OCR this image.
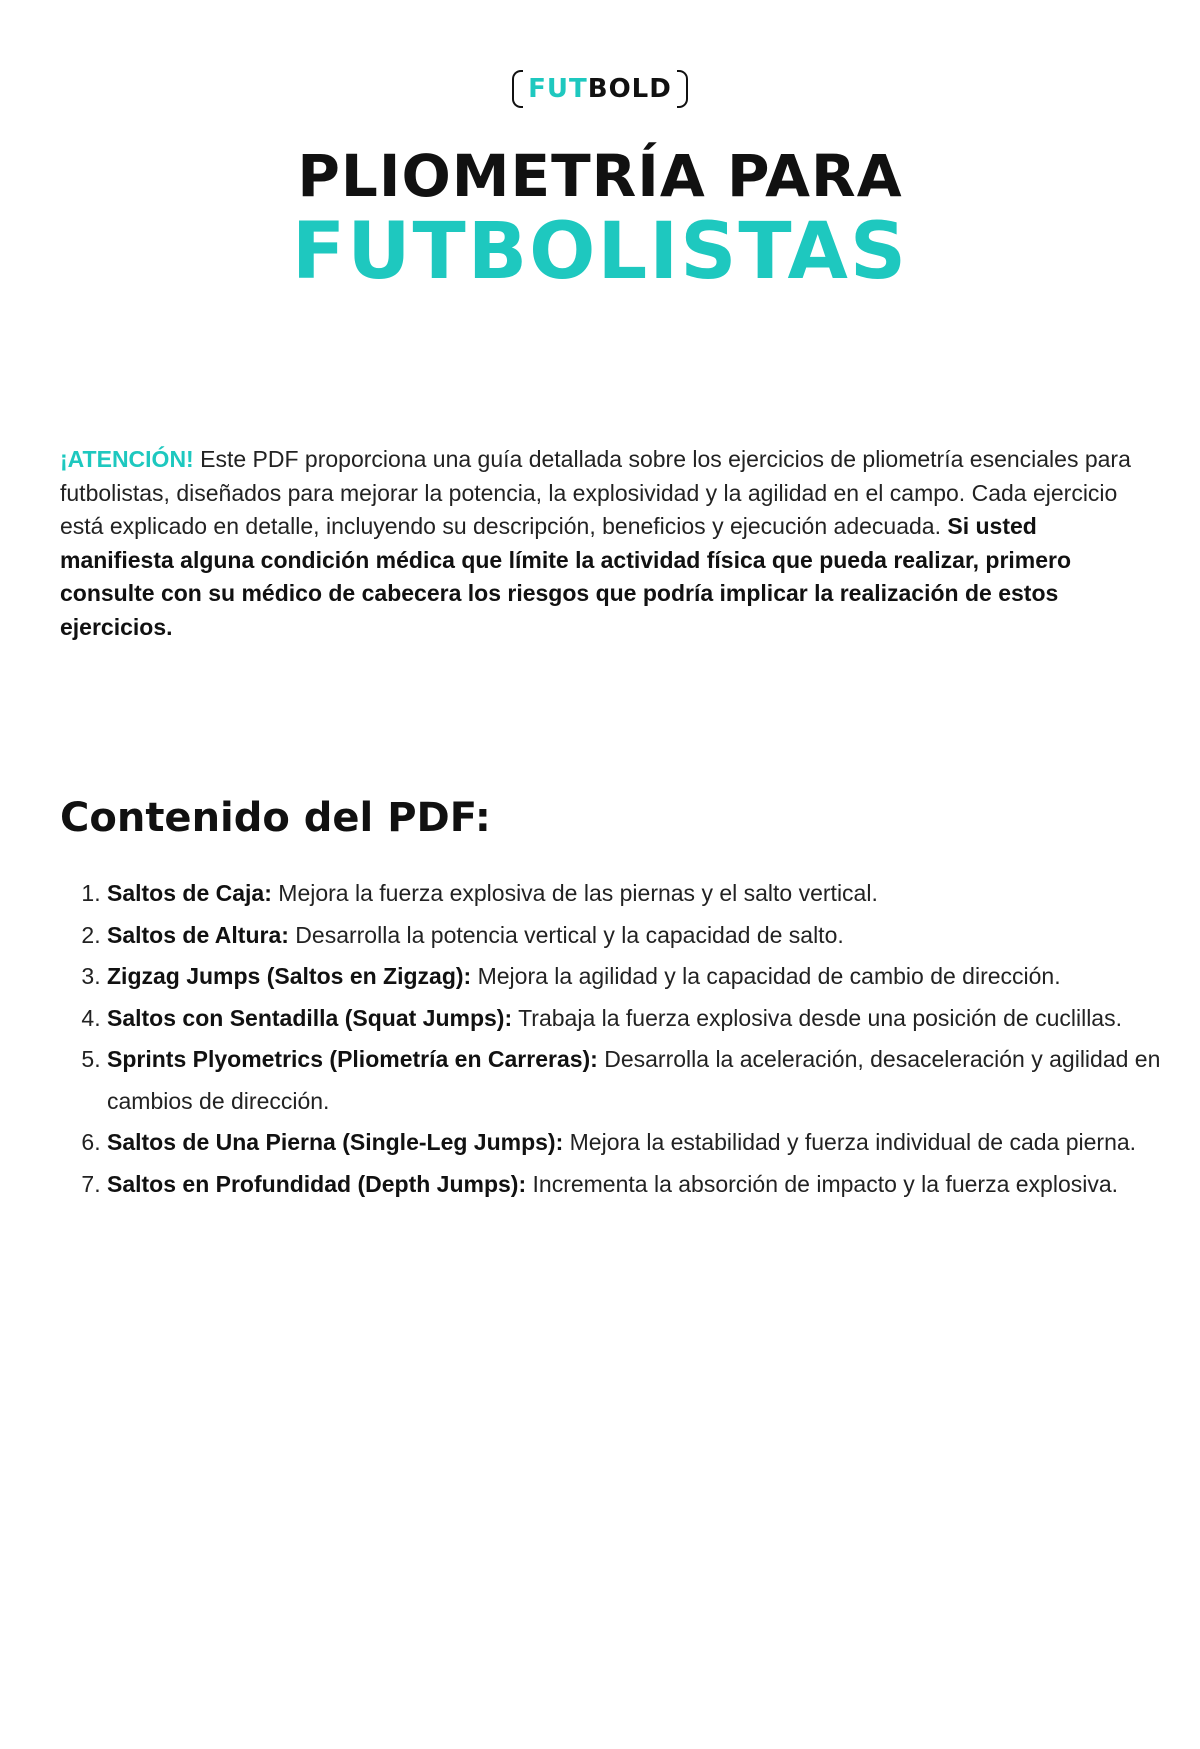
FUTBOLD
PLIOMETRÍA PARA
FUTBOLISTAS

¡ATENCIÓN! Este PDF proporciona una guía detallada sobre los ejercicios de pliometría esenciales para futbolistas, diseñados para mejorar la potencia, la explosividad y la agilidad en el campo. Cada ejercicio está explicado en detalle, incluyendo su descripción, beneficios y ejecución adecuada. Si usted manifiesta alguna condición médica que límite la actividad física que pueda realizar, primero consulte con su médico de cabecera los riesgos que podría implicar la realización de estos ejercicios.

Contenido del PDF:
1. Saltos de Caja: Mejora la fuerza explosiva de las piernas y el salto vertical.
2. Saltos de Altura: Desarrolla la potencia vertical y la capacidad de salto.
3. Zigzag Jumps (Saltos en Zigzag): Mejora la agilidad y la capacidad de cambio de dirección.
4. Saltos con Sentadilla (Squat Jumps): Trabaja la fuerza explosiva desde una posición de cuclillas.
5. Sprints Plyometrics (Pliometría en Carreras): Desarrolla la aceleración, desaceleración y agilidad en cambios de dirección.
6. Saltos de Una Pierna (Single-Leg Jumps): Mejora la estabilidad y fuerza individual de cada pierna.
7. Saltos en Profundidad (Depth Jumps): Incrementa la absorción de impacto y la fuerza explosiva.
